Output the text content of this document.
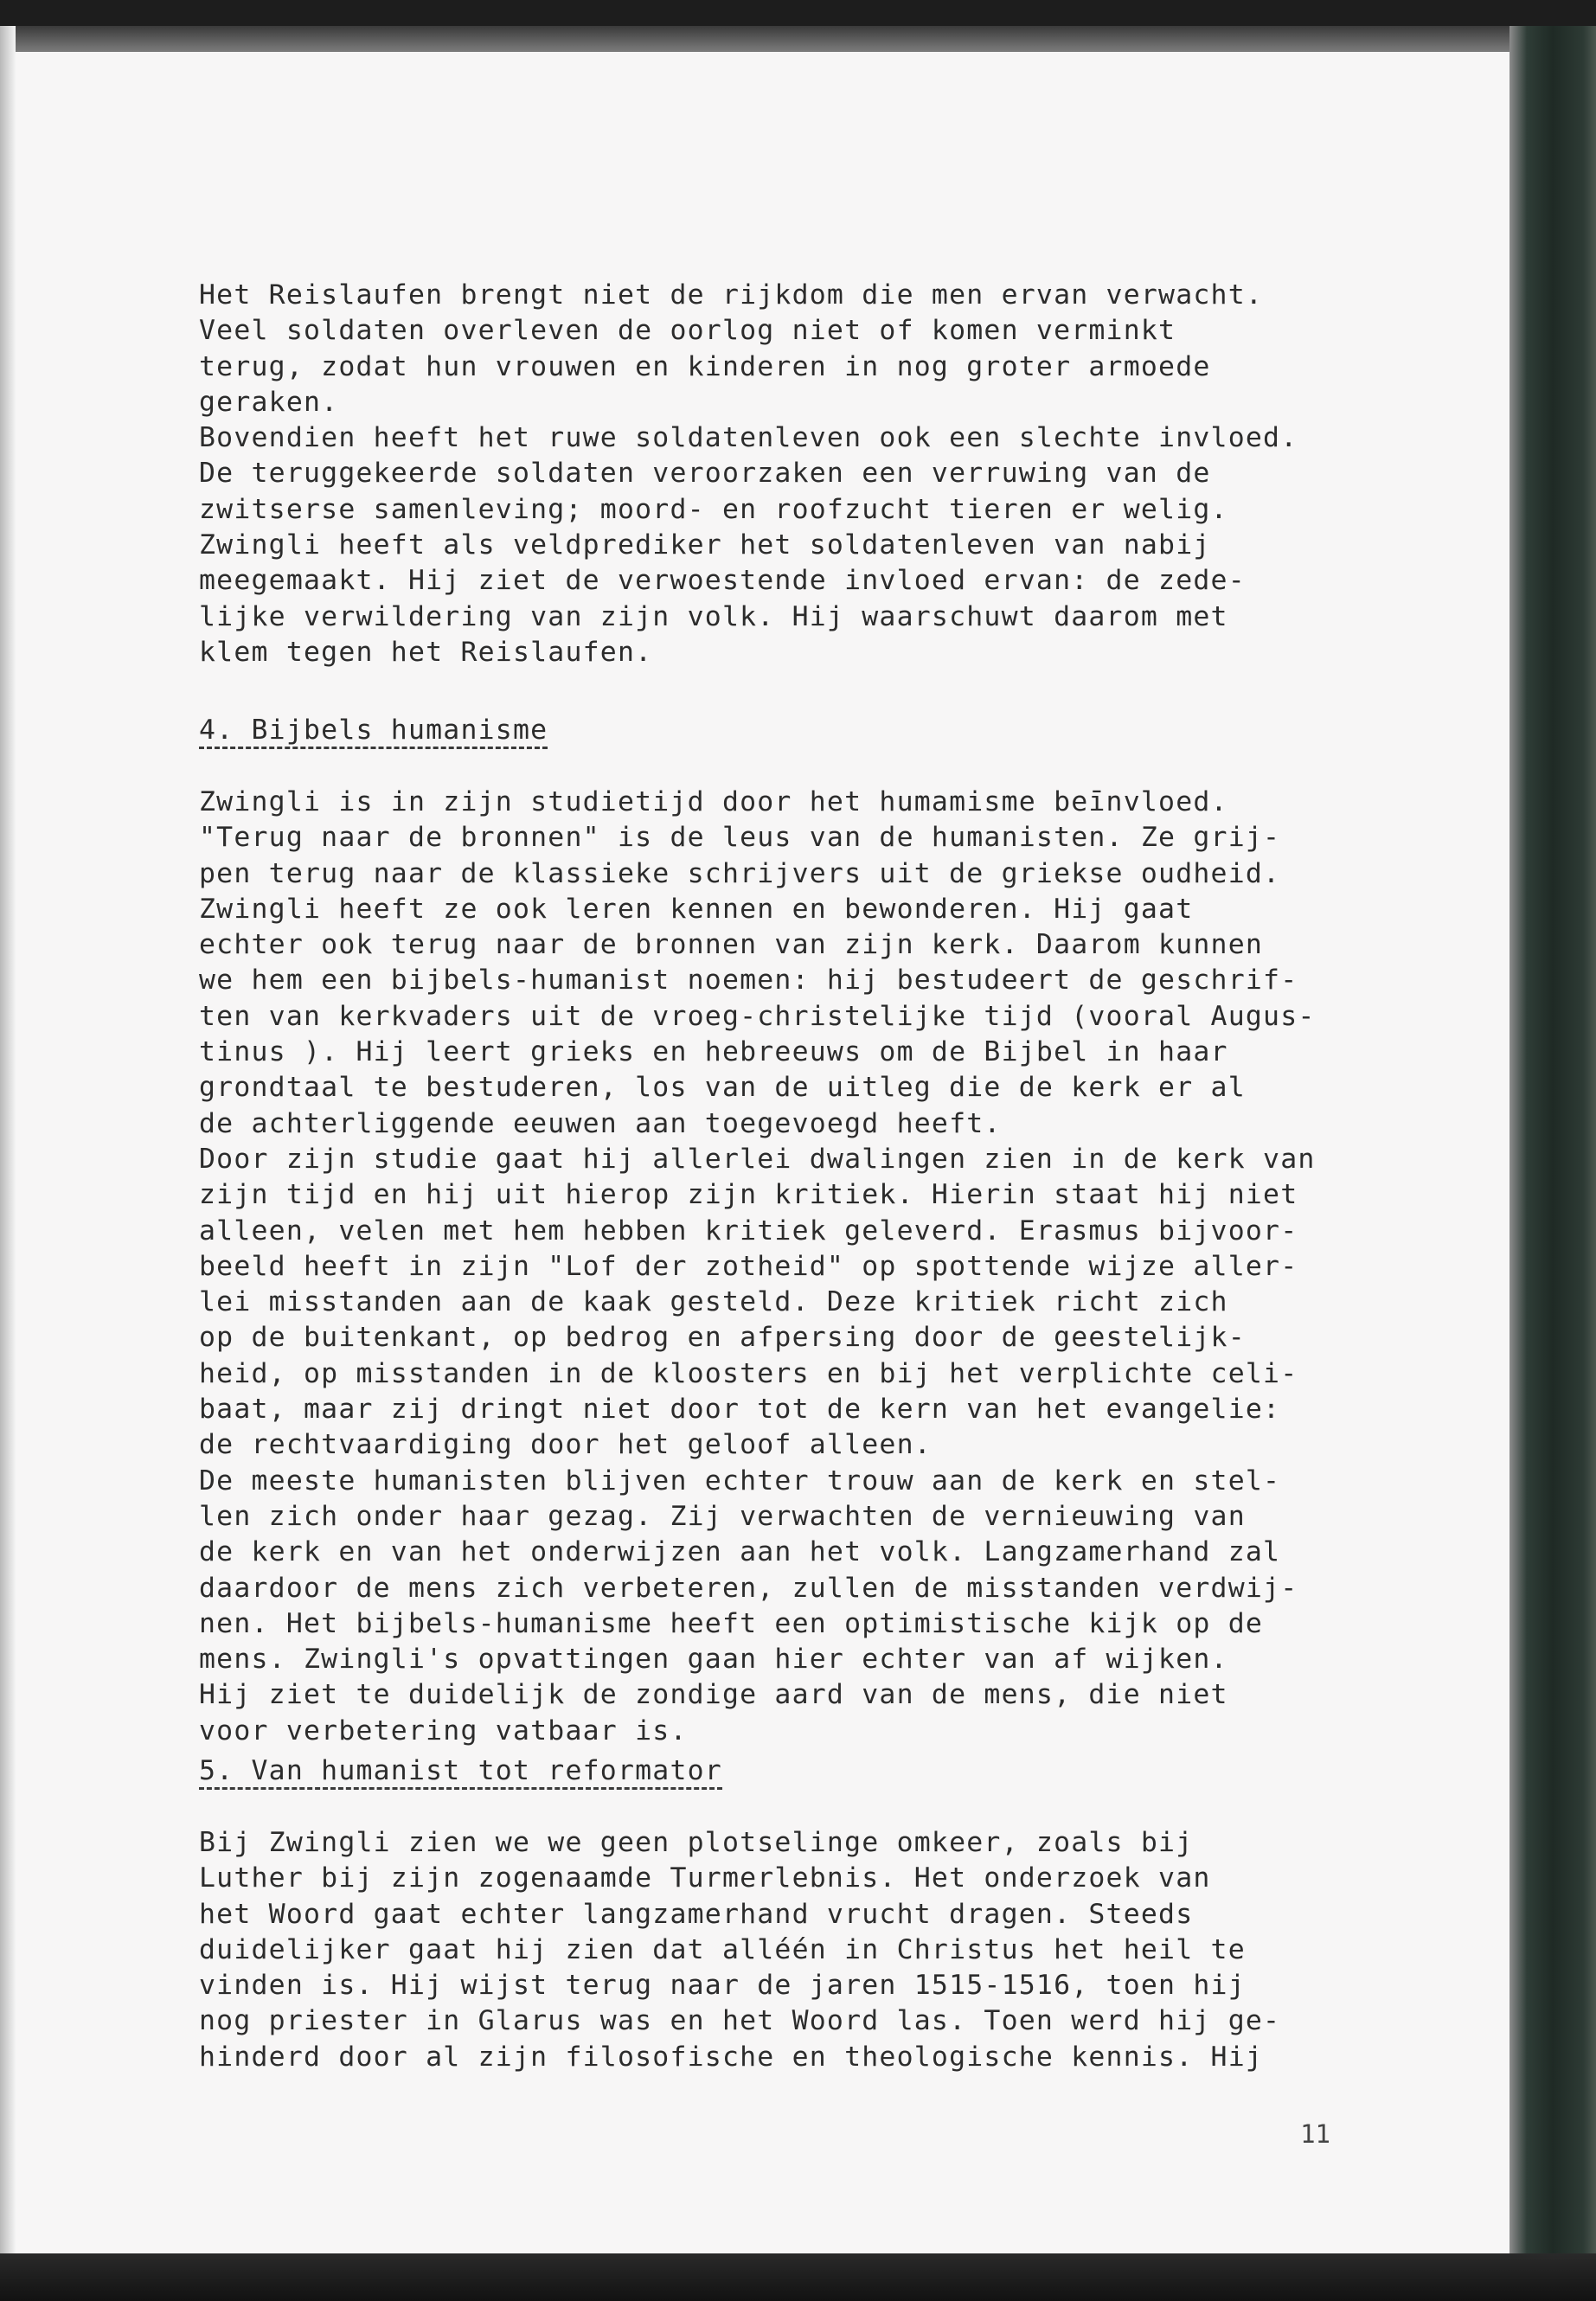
Het Reislaufen brengt niet de rijkdom die men ervan verwacht.
Veel soldaten overleven de oorlog niet of komen verminkt
terug, zodat hun vrouwen en kinderen in nog groter armoede
geraken.
Bovendien heeft het ruwe soldatenleven ook een slechte invloed.
De teruggekeerde soldaten veroorzaken een verruwing van de
zwitserse samenleving; moord- en roofzucht tieren er welig.
Zwingli heeft als veldprediker het soldatenleven van nabij
meegemaakt. Hij ziet de verwoestende invloed ervan: de zede-
lijke verwildering van zijn volk. Hij waarschuwt daarom met
klem tegen het Reislaufen.

4. Bijbels humanisme

Zwingli is in zijn studietijd door het humamisme beīnvloed.
"Terug naar de bronnen" is de leus van de humanisten. Ze grij-
pen terug naar de klassieke schrijvers uit de griekse oudheid.
Zwingli heeft ze ook leren kennen en bewonderen. Hij gaat
echter ook terug naar de bronnen van zijn kerk. Daarom kunnen
we hem een bijbels-humanist noemen: hij bestudeert de geschrif-
ten van kerkvaders uit de vroeg-christelijke tijd (vooral Augus-
tinus ). Hij leert grieks en hebreeuws om de Bijbel in haar
grondtaal te bestuderen, los van de uitleg die de kerk er al
de achterliggende eeuwen aan toegevoegd heeft.
Door zijn studie gaat hij allerlei dwalingen zien in de kerk van
zijn tijd en hij uit hierop zijn kritiek. Hierin staat hij niet
alleen, velen met hem hebben kritiek geleverd. Erasmus bijvoor-
beeld heeft in zijn "Lof der zotheid" op spottende wijze aller-
lei misstanden aan de kaak gesteld. Deze kritiek richt zich
op de buitenkant, op bedrog en afpersing door de geestelijk-
heid, op misstanden in de kloosters en bij het verplichte celi-
baat, maar zij dringt niet door tot de kern van het evangelie:
de rechtvaardiging door het geloof alleen.
De meeste humanisten blijven echter trouw aan de kerk en stel-
len zich onder haar gezag. Zij verwachten de vernieuwing van
de kerk en van het onderwijzen aan het volk. Langzamerhand zal
daardoor de mens zich verbeteren, zullen de misstanden verdwij-
nen. Het bijbels-humanisme heeft een optimistische kijk op de
mens. Zwingli's opvattingen gaan hier echter van af wijken.
Hij ziet te duidelijk de zondige aard van de mens, die niet
voor verbetering vatbaar is.

5. Van humanist tot reformator

Bij Zwingli zien we we geen plotselinge omkeer, zoals bij
Luther bij zijn zogenaamde Turmerlebnis. Het onderzoek van
het Woord gaat echter langzamerhand vrucht dragen. Steeds
duidelijker gaat hij zien dat alléén in Christus het heil te
vinden is. Hij wijst terug naar de jaren 1515-1516, toen hij
nog priester in Glarus was en het Woord las. Toen werd hij ge-
hinderd door al zijn filosofische en theologische kennis. Hij

11
